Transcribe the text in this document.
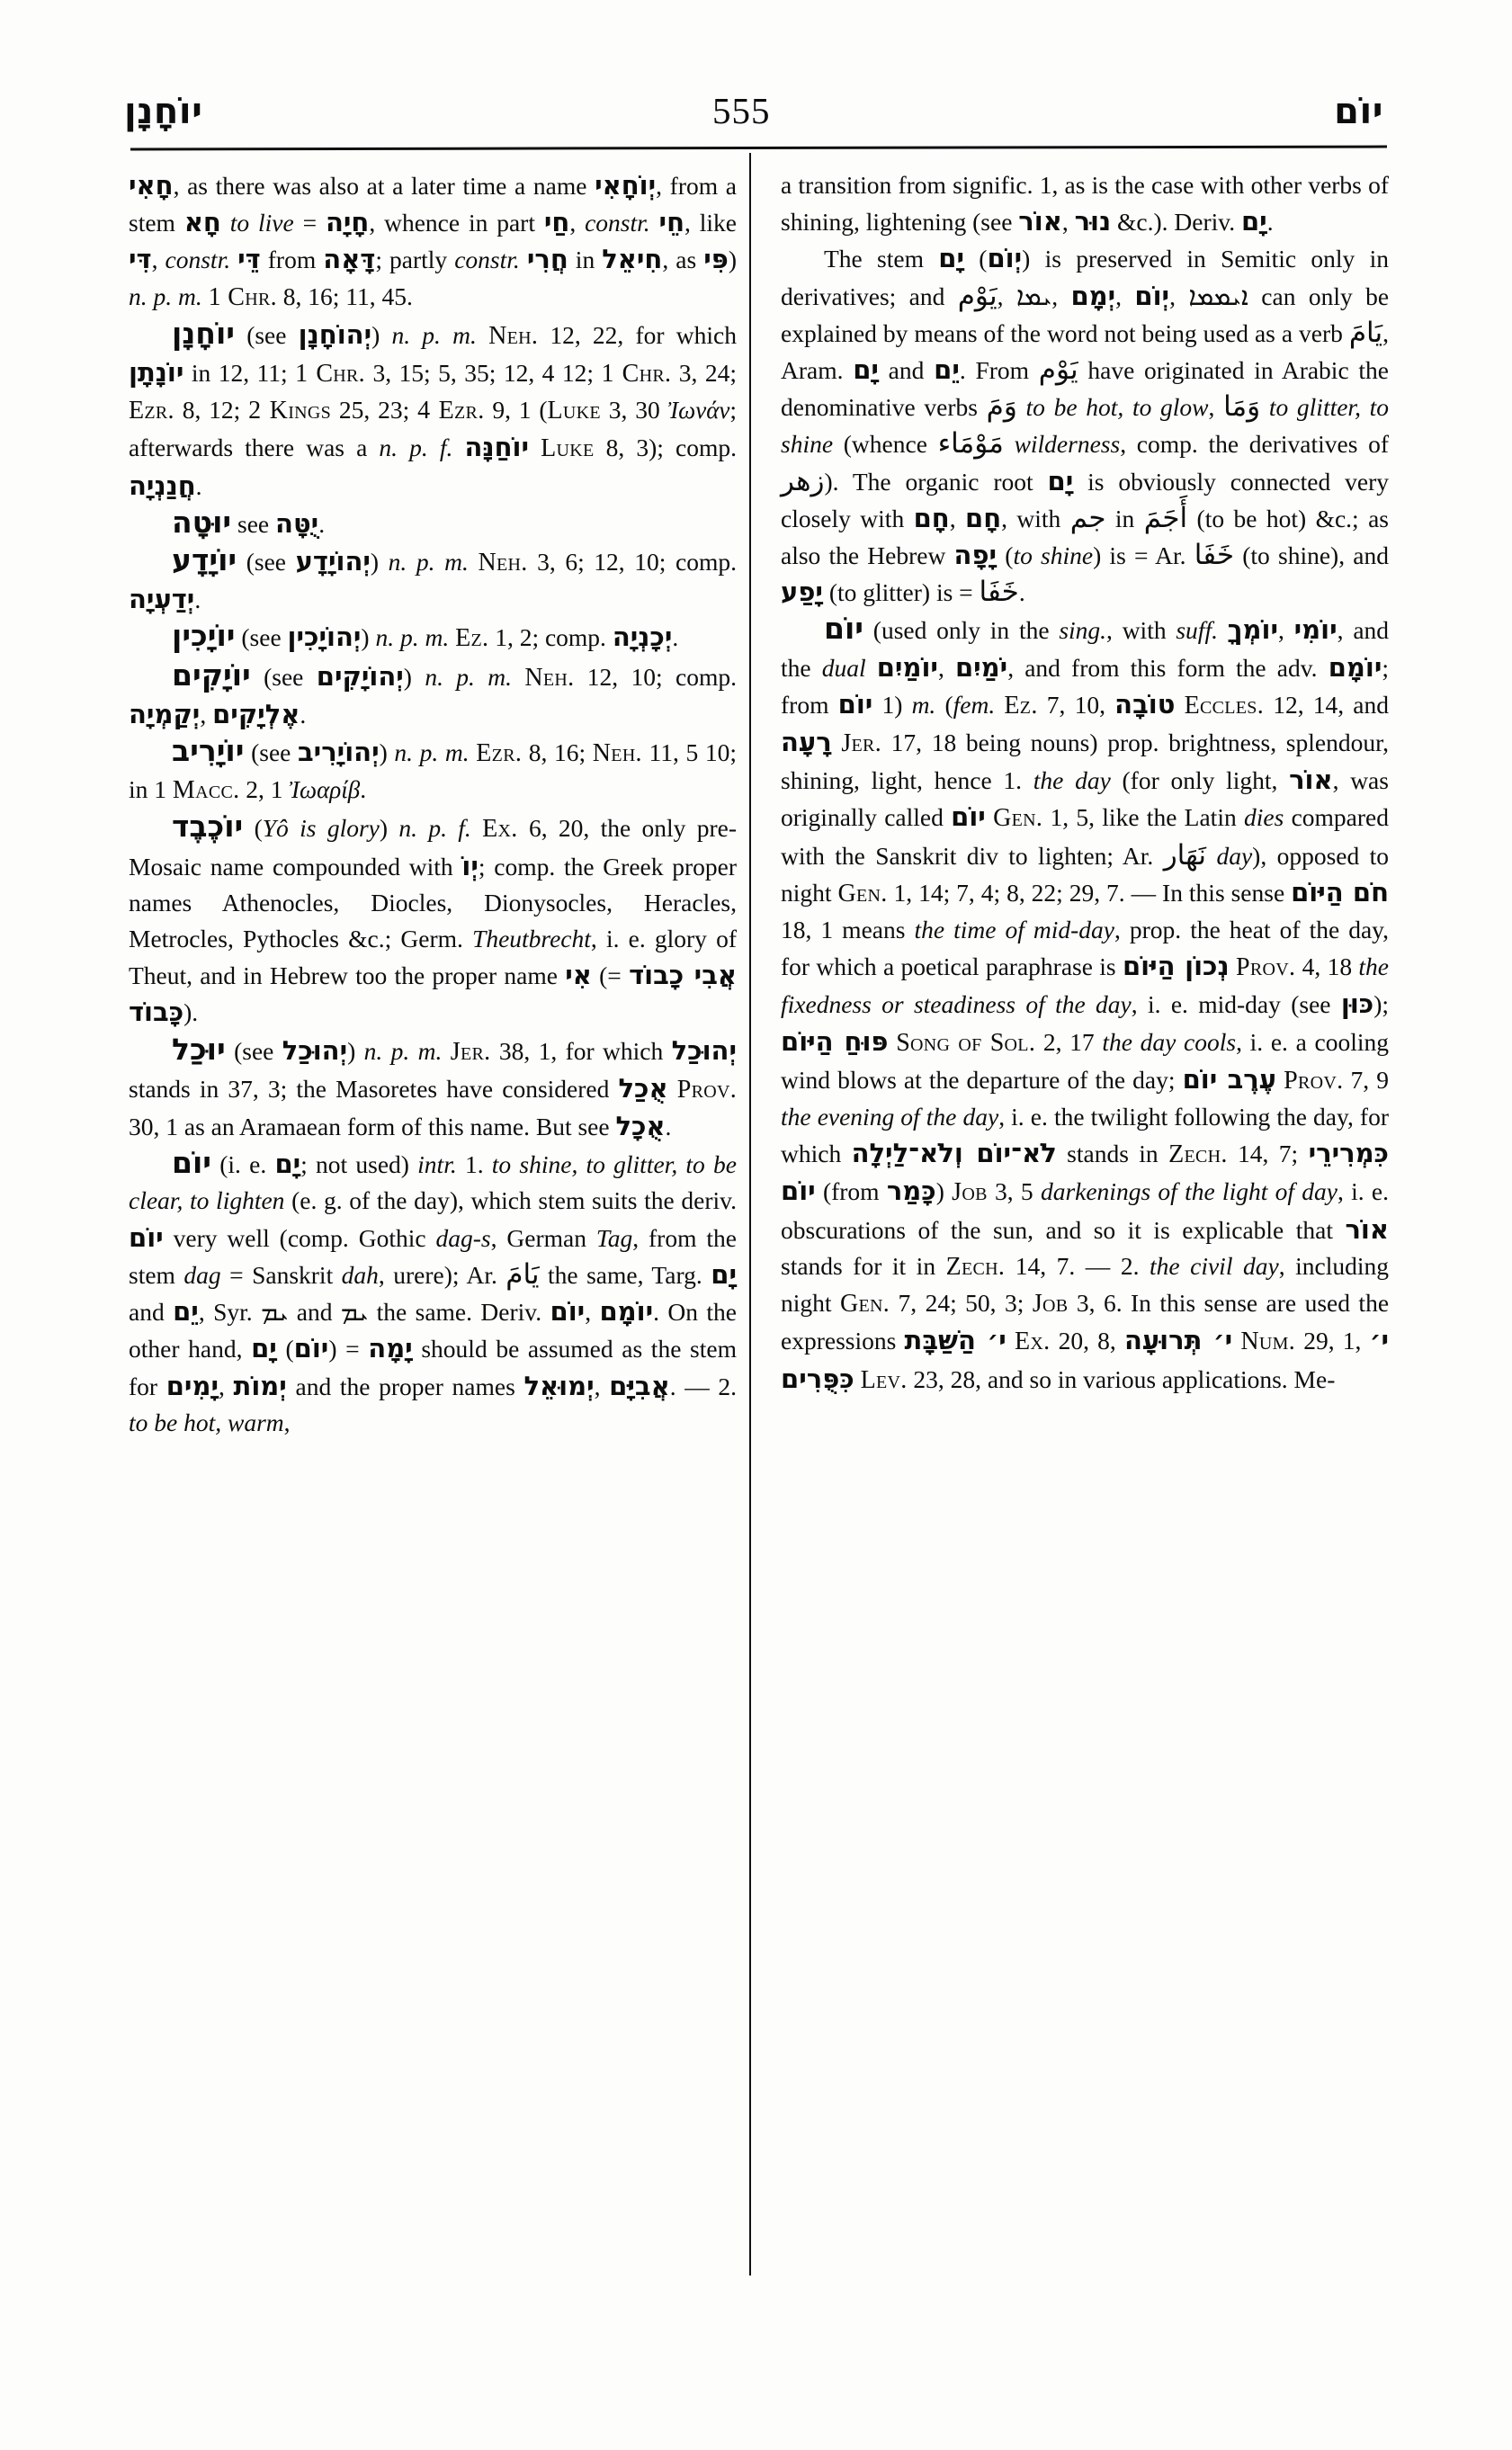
יוֹחָנָן	555	יוֹם

חָאִי, as there was also at a later time a name יְוֹחָאִי, from a stem חָא to live = חָיָה, whence in part חַי, constr. חֵי, like דִּי, constr. דֵּי from דָּאָה; partly constr. חֲרִי in חִיאֵל, as פִּי) n. p. m. 1 Chr. 8, 16; 11, 45.

יוֹחָנָן (see יְהוֹחָנָן) n. p. m. Neh. 12, 22, for which יוֹנָתָן in 12, 11; 1 Chr. 3, 15; 5, 35; 12, 4 12; 1 Chr. 3, 24; Ezr. 8, 12; 2 Kings 25, 23; 4 Ezr. 9, 1 (Luke 3, 30 Ἰωνάν; afterwards there was a n. p. f. יוֹחַנָּה Luke 8, 3); comp. חֲנַנְיָה.

יוּטָה see יֻטָּה.

יוֹיָדָע (see יְהוֹיָדָע) n. p. m. Neh. 3, 6; 12, 10; comp. יְדַעְיָה.

יוֹיָכִין (see יְהוֹיָכִין) n. p. m. Ez. 1, 2; comp. יְכָנְיָה.

יוֹיָקִים (see יְהוֹיָקִים) n. p. m. Neh. 12, 10; comp. יְקַמְיָה, אֶלְיָקִים.

יוֹיָרִיב (see יְהוֹיָרִיב) n. p. m. Ezr. 8, 16; Neh. 11, 5 10; in 1 Macc. 2, 1 Ἰωαρίβ.

יוֹכֶבֶד (Yô is glory) n. p. f. Ex. 6, 20, the only pre-Mosaic name compounded with יְוֹ; comp. the Greek proper names Athenocles, Diocles, Dionysocles, Heracles, Metrocles, Pythocles &c.; Germ. Theutbrecht, i. e. glory of Theut, and in Hebrew too the proper name אִי (= אֲבִי כָבוֹד כָּבוֹד).

יוּכַל (see יְהוּכַל) n. p. m. Jer. 38, 1, for which יְהוּכַל stands in 37, 3; the Masoretes have considered אֻכַל Prov. 30, 1 as an Aramaean form of this name. But see אֻכָל.

יוֹם (i. e. יָם; not used) intr. 1. to shine, to glitter, to be clear, to lighten (e. g. of the day), which stem suits the deriv. יוֹם very well (comp. Gothic dag-s, German Tag, from the stem dag = Sanskrit dah, urere); Ar. يَامَ the same, Targ. יָם and יֵם, Syr. ܝܡ and ܝܡ the same. Deriv. יוֹם, יוֹמָם. On the other hand, יָם (יוֹם) = יָמָה should be assumed as the stem for יָמִים, יְמוֹת and the proper names יְמוּאֵל, אֲבִיָּם. — 2. to be hot, warm,

a transition from signific. 1, as is the case with other verbs of shining, lightening (see אוֹר, נוּר &c.). Deriv. יָם.

The stem יָם (יְוֹם) is preserved in Semitic only in derivatives; and يَوْم, ܝܡܐ, יְמָם, יְוֹם, ܐܝܡܡܐ can only be explained by means of the word not being used as a verb يَامَ, Aram. יָם and יֵם. From يَوْم have originated in Arabic the denominative verbs وَمَ to be hot, to glow, وَمَا to glitter, to shine (whence مَوْمَاء wilderness, comp. the derivatives of زهر). The organic root יָם is obviously connected very closely with חָם, חָם, with جم in أَجَمَ (to be hot) &c.; as also the Hebrew יָפָה (to shine) is = Ar. خَفَا (to shine), and יָפַע (to glitter) is = خَفَا.

יוֹם (used only in the sing., with suff. יוֹמְךָ, יוֹמִי, and the dual יוֹמַיִם, יֹמַיִם, and from this form the adv. יוֹמָם; from יוֹם 1) m. (fem. Ez. 7, 10, טוֹבָה Eccles. 12, 14, and רָעָה Jer. 17, 18 being nouns) prop. brightness, splendour, shining, light, hence 1. the day (for only light, אוֹר, was originally called יוֹם Gen. 1, 5, like the Latin dies compared with the Sanskrit div to lighten; Ar. نَهَار day), opposed to night Gen. 1, 14; 7, 4; 8, 22; 29, 7. — In this sense חֹם הַיּוֹם 18, 1 means the time of mid-day, prop. the heat of the day, for which a poetical paraphrase is נְכוֹן הַיּוֹם Prov. 4, 18 the fixedness or steadiness of the day, i. e. mid-day (see כּוּן); פּוּחַ הַיּוֹם Song of Sol. 2, 17 the day cools, i. e. a cooling wind blows at the departure of the day; עֶרֶב יוֹם Prov. 7, 9 the evening of the day, i. e. the twilight following the day, for which לֹא־יוֹם וְלֹא־לַיְלָה stands in Zech. 14, 7; כִּמְרִירֵי יוֹם (from כָּמַר) Job 3, 5 darkenings of the light of day, i. e. obscurations of the sun, and so it is explicable that אוֹר stands for it in Zech. 14, 7. — 2. the civil day, including night Gen. 7, 24; 50, 3; Job 3, 6. In this sense are used the expressions י׳ הַשַּׁבָּת Ex. 20, 8, י׳ תְּרוּעָה Num. 29, 1, י׳ כִּפֻּרִים Lev. 23, 28, and so in various applications. Me-
